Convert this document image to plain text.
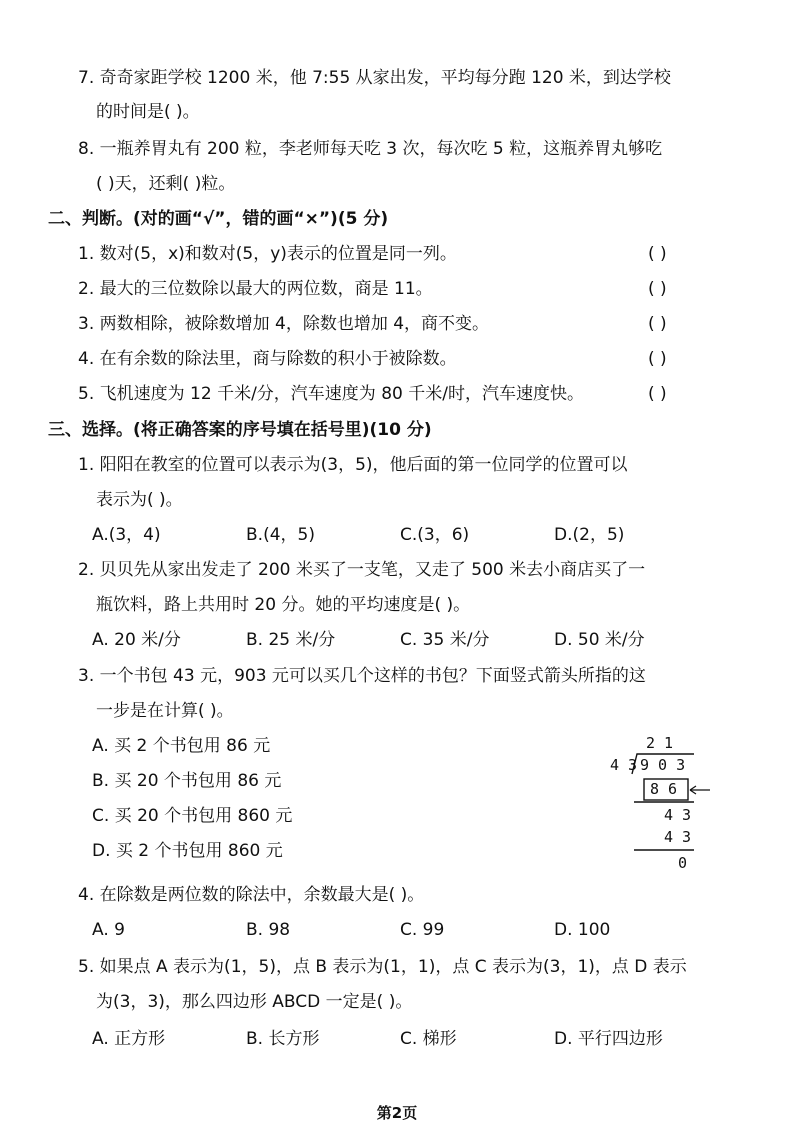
7. 奇奇家距学校 1200 米，他 7:55 从家出发，平均每分跑 120 米，到达学校
的时间是( )。
8. 一瓶养胃丸有 200 粒，李老师每天吃 3 次，每次吃 5 粒，这瓶养胃丸够吃
( )天，还剩( )粒。
二、判断。(对的画“√”，错的画“×”)(5 分)
1. 数对(5，x)和数对(5，y)表示的位置是同一列。	( )
2. 最大的三位数除以最大的两位数，商是 11。	( )
3. 两数相除，被除数增加 4，除数也增加 4，商不变。	( )
4. 在有余数的除法里，商与除数的积小于被除数。	( )
5. 飞机速度为 12 千米/分，汽车速度为 80 千米/时，汽车速度快。	( )
三、选择。(将正确答案的序号填在括号里)(10 分)
1. 阳阳在教室的位置可以表示为(3，5)，他后面的第一位同学的位置可以
表示为( )。
A.(3，4)	B.(4，5)	C.(3，6)	D.(2，5)
2. 贝贝先从家出发走了 200 米买了一支笔，又走了 500 米去小商店买了一
瓶饮料，路上共用时 20 分。她的平均速度是( )。
A. 20 米/分	B. 25 米/分	C. 35 米/分	D. 50 米/分
3. 一个书包 43 元，903 元可以买几个这样的书包？下面竖式箭头所指的这
一步是在计算( )。
A. 买 2 个书包用 86 元
B. 买 20 个书包用 86 元
C. 买 20 个书包用 860 元
D. 买 2 个书包用 860 元
2 1
4 3 9 0 3
8 6
4 3
4 3
0
4. 在除数是两位数的除法中，余数最大是( )。
A. 9	B. 98	C. 99	D. 100
5. 如果点 A 表示为(1，5)，点 B 表示为(1，1)，点 C 表示为(3，1)，点 D 表示
为(3，3)，那么四边形 ABCD 一定是( )。
A. 正方形	B. 长方形	C. 梯形	D. 平行四边形
第2页
